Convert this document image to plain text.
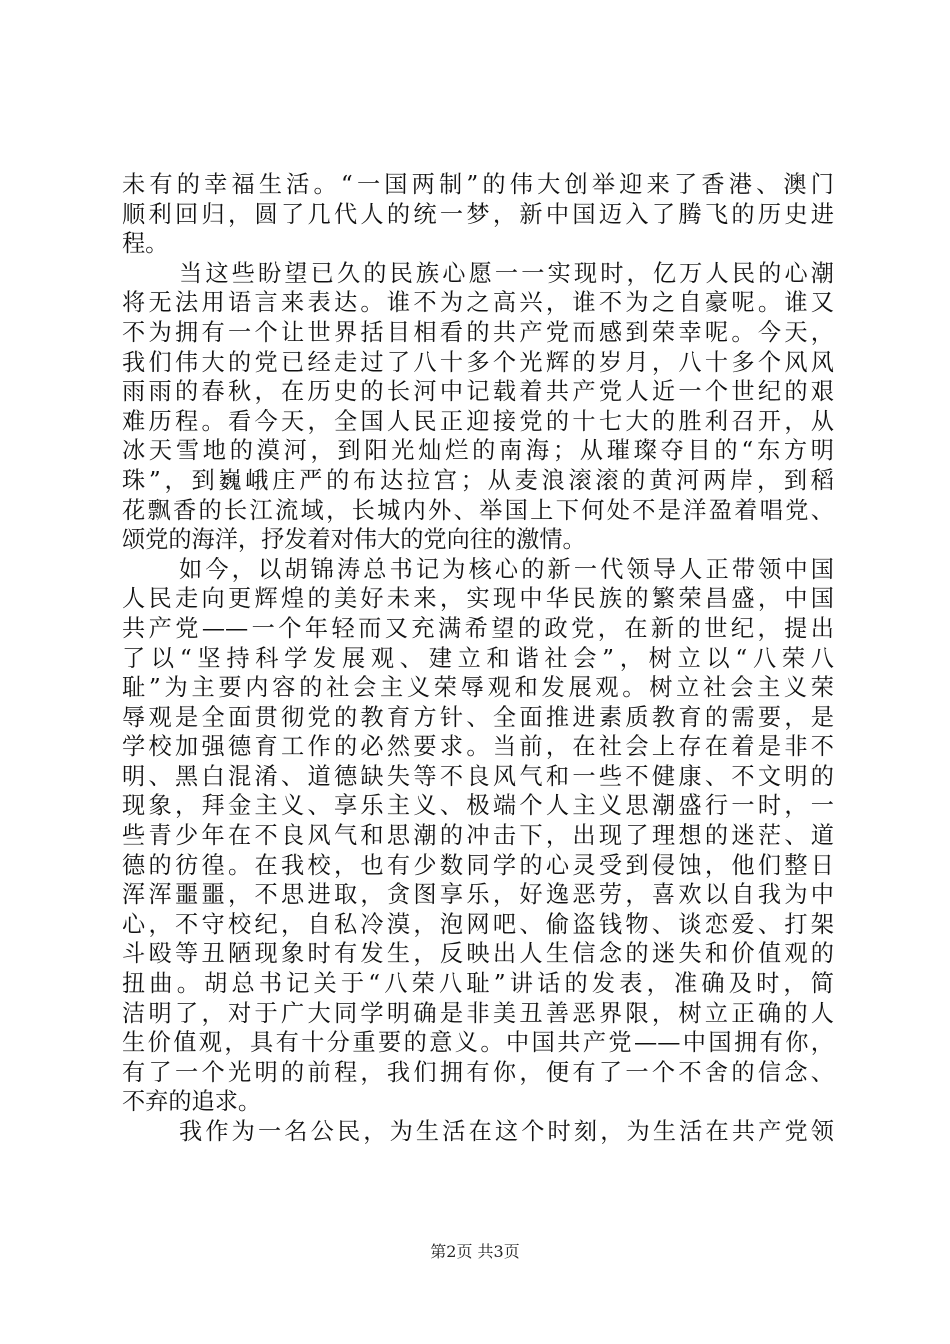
未有的幸福生活。“一国两制”的伟大创举迎来了香港、澳门
顺利回归，圆了几代人的统一梦，新中国迈入了腾飞的历史进
程。
当这些盼望已久的民族心愿一一实现时，亿万人民的心潮
将无法用语言来表达。谁不为之高兴，谁不为之自豪呢。谁又
不为拥有一个让世界括目相看的共产党而感到荣幸呢。今天，
我们伟大的党已经走过了八十多个光辉的岁月，八十多个风风
雨雨的春秋，在历史的长河中记载着共产党人近一个世纪的艰
难历程。看今天，全国人民正迎接党的十七大的胜利召开，从
冰天雪地的漠河，到阳光灿烂的南海；从璀璨夺目的“东方明
珠”，到巍峨庄严的布达拉宫；从麦浪滚滚的黄河两岸，到稻
花飘香的长江流域，长城内外、举国上下何处不是洋盈着唱党、
颂党的海洋，抒发着对伟大的党向往的激情。
如今，以胡锦涛总书记为核心的新一代领导人正带领中国
人民走向更辉煌的美好未来，实现中华民族的繁荣昌盛，中国
共产党——一个年轻而又充满希望的政党，在新的世纪，提出
了以“坚持科学发展观、建立和谐社会”，树立以“八荣八
耻”为主要内容的社会主义荣辱观和发展观。树立社会主义荣
辱观是全面贯彻党的教育方针、全面推进素质教育的需要，是
学校加强德育工作的必然要求。当前，在社会上存在着是非不
明、黑白混淆、道德缺失等不良风气和一些不健康、不文明的
现象，拜金主义、享乐主义、极端个人主义思潮盛行一时，一
些青少年在不良风气和思潮的冲击下，出现了理想的迷茫、道
德的彷徨。在我校，也有少数同学的心灵受到侵蚀，他们整日
浑浑噩噩，不思进取，贪图享乐，好逸恶劳，喜欢以自我为中
心，不守校纪，自私冷漠，泡网吧、偷盗钱物、谈恋爱、打架
斗殴等丑陋现象时有发生，反映出人生信念的迷失和价值观的
扭曲。胡总书记关于“八荣八耻”讲话的发表，准确及时，简
洁明了，对于广大同学明确是非美丑善恶界限，树立正确的人
生价值观，具有十分重要的意义。中国共产党——中国拥有你，
有了一个光明的前程，我们拥有你，便有了一个不舍的信念、
不弃的追求。
我作为一名公民，为生活在这个时刻，为生活在共产党领
第2页 共3页
